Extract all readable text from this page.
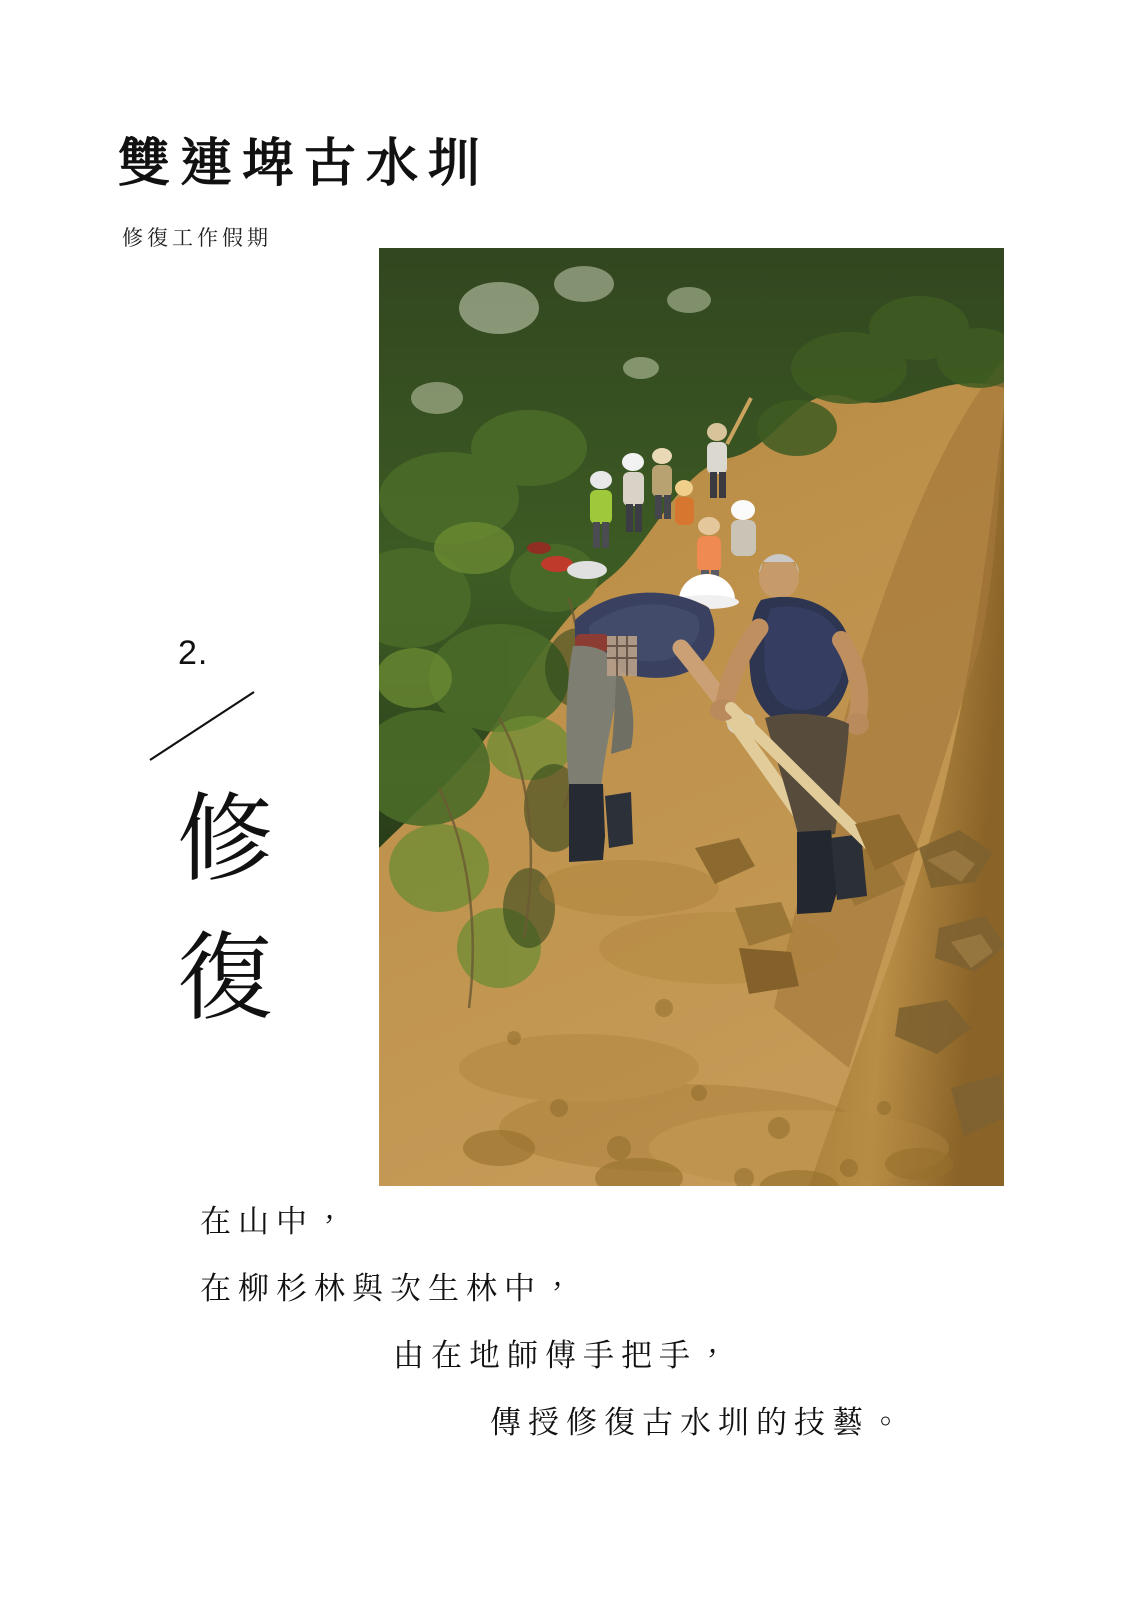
雙連埤古水圳
修復工作假期
2.
修
復
在山中，
在柳杉林與次生林中，
由在地師傅手把手，
傳授修復古水圳的技藝。
